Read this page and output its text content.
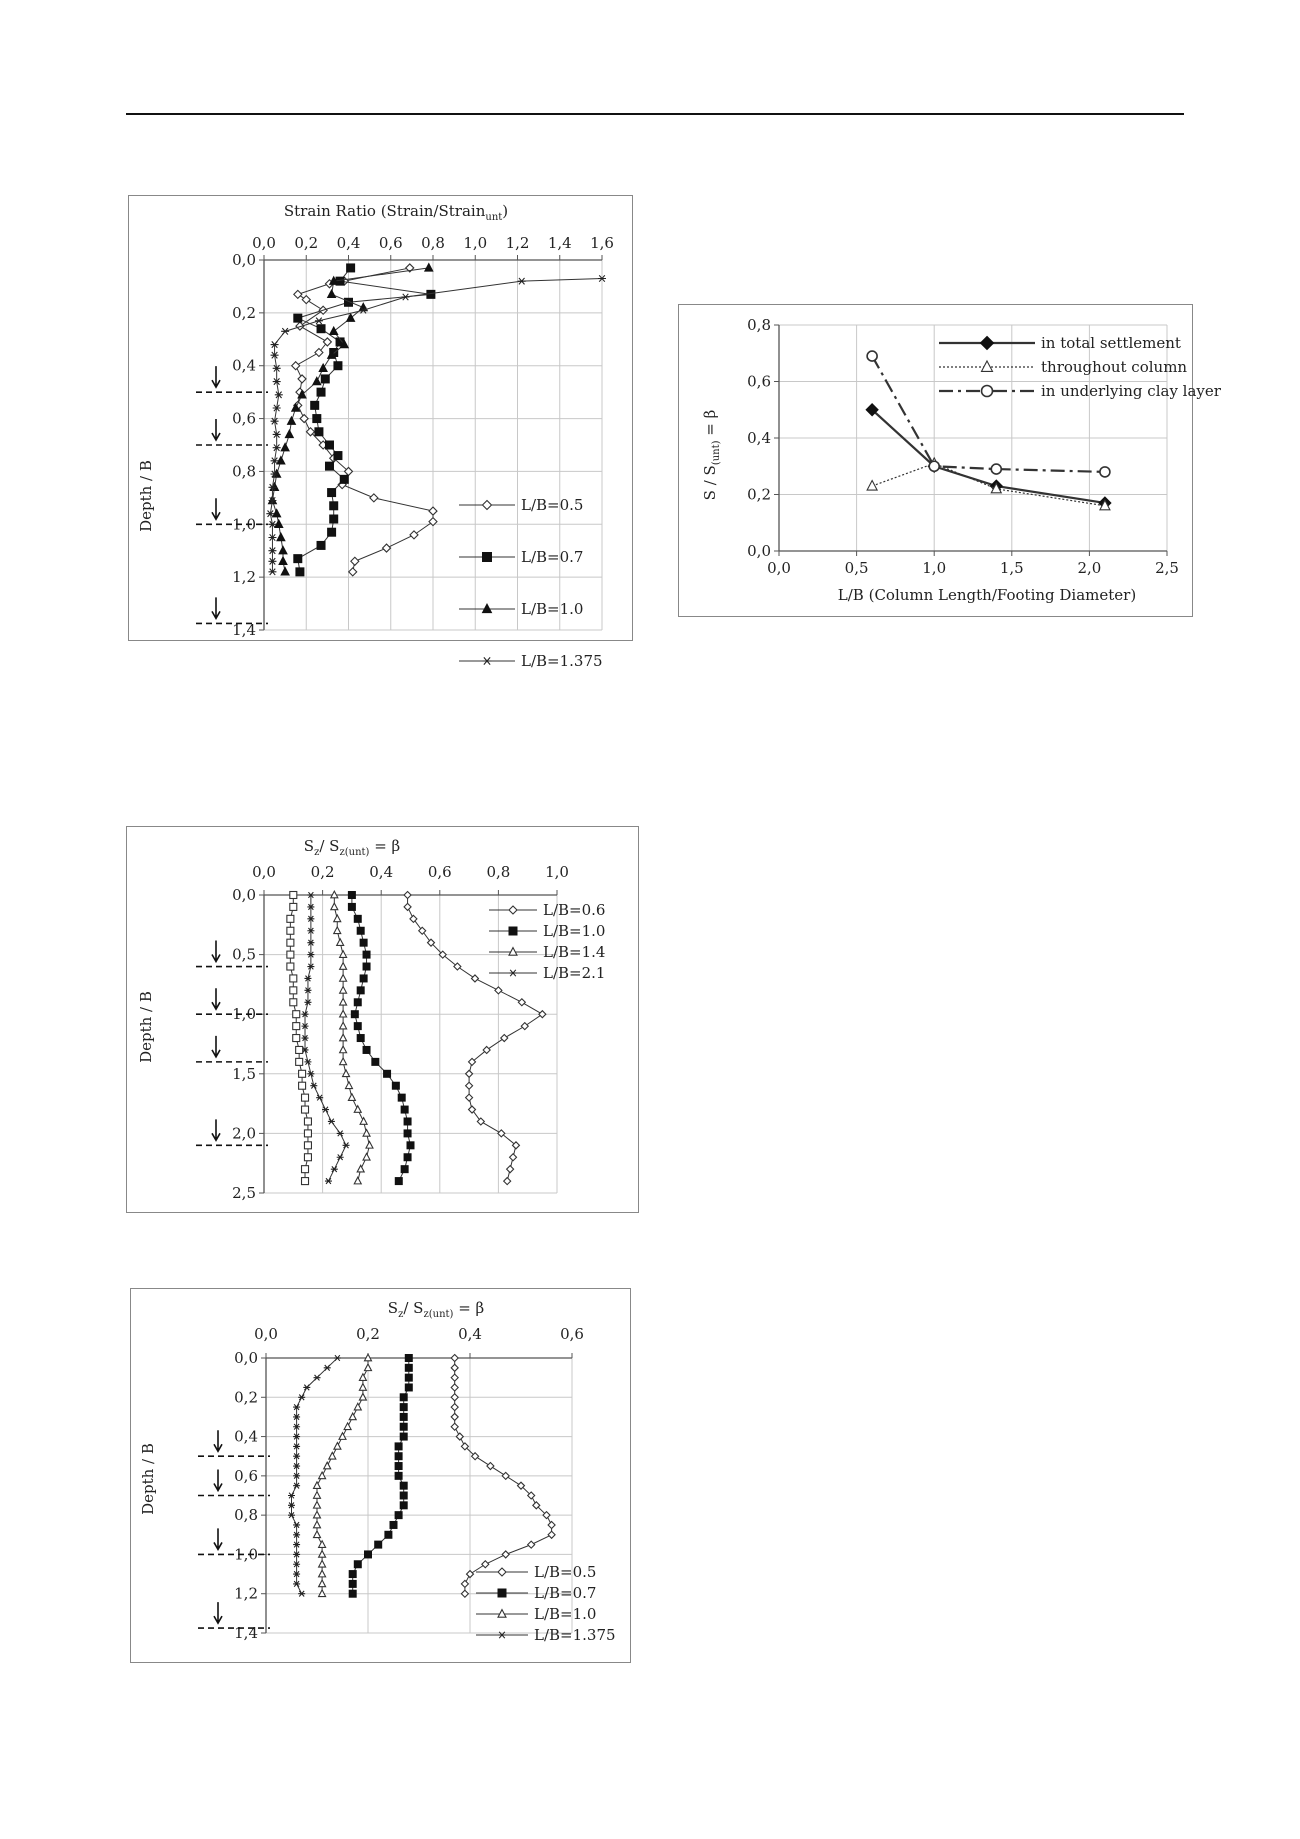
Strain Ratio (Strain/Strain$_{unt}$)
Depth / B
0,0 0,2 0,4 0,6 0,8 1,0 1,2 1,4 1,6
0,0
0,2
0,4
0,6
0,8
1,0
1,2
1,4
L/B=0.5
L/B=0.7
L/B=1.0
L/B=1.375
$S / S_{(unt)} = \beta$
L/B (Column Length/Footing Diameter)
0,0	0,5	1,0	1,5	2,0	2,5
0,0
0,2
0,4
0,6
0,8
in total settlement
throughout column
in underlying clay layer
$S_z/$ $S_{z(unt)} = \beta$
Depth / B
0,0 0,2 0,4 0,6 0,8 1,0
0,0
0,5
1,0
1,5
2,0
2,5
L/B=0.6
L/B=1.0
L/B=1.4
L/B=2.1
$S_z/$ $S_{z(unt)} = \beta$
Depth / B
0,0	0,2	0,4	0,6
0,0
0,2
0,4
0,6
0,8
1,0
1,2
1,4
L/B=0.5
L/B=0.7
L/B=1.0
L/B=1.375
